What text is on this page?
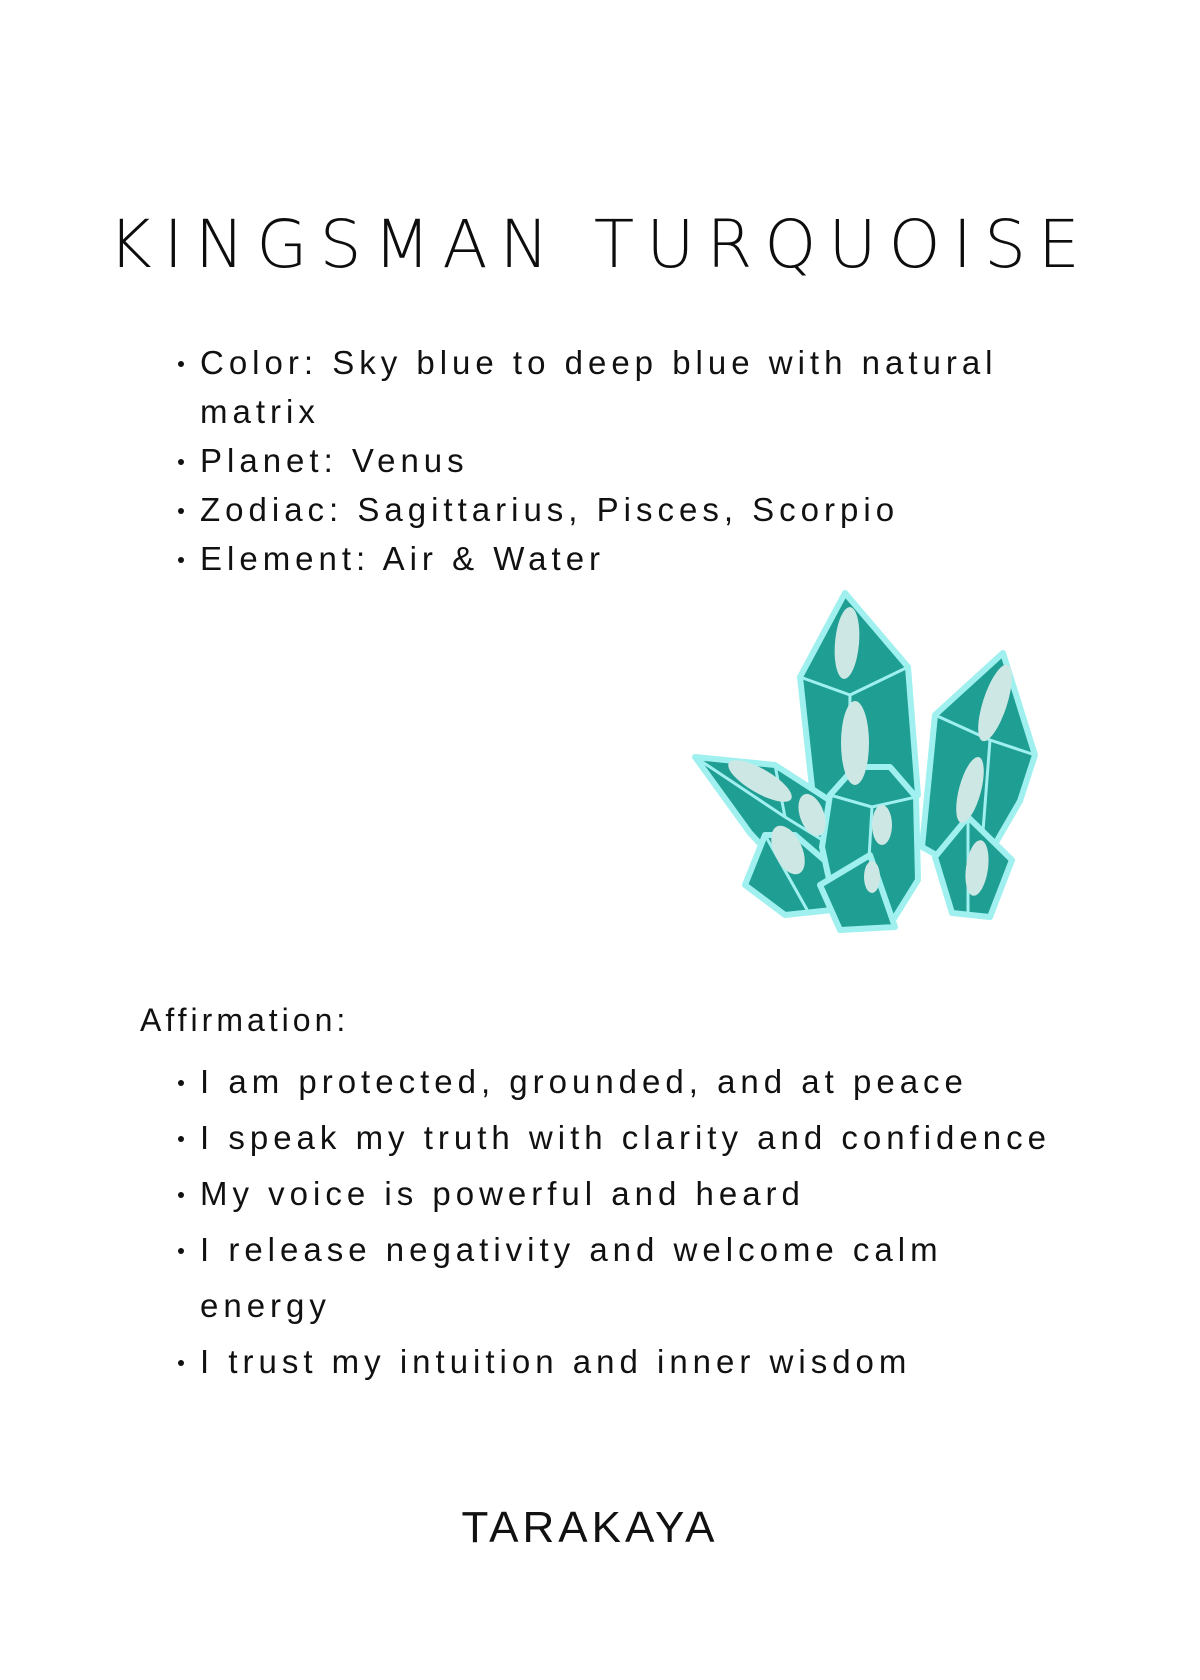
KINGSMAN TURQUOISE
Color: Sky blue to deep blue with natural matrix
Planet: Venus
Zodiac: Sagittarius, Pisces, Scorpio
Element: Air & Water
Affirmation:
I am protected, grounded, and at peace
I speak my truth with clarity and confidence
My voice is powerful and heard
I release negativity and welcome calm energy
I trust my intuition and inner wisdom
TARAKAYA
